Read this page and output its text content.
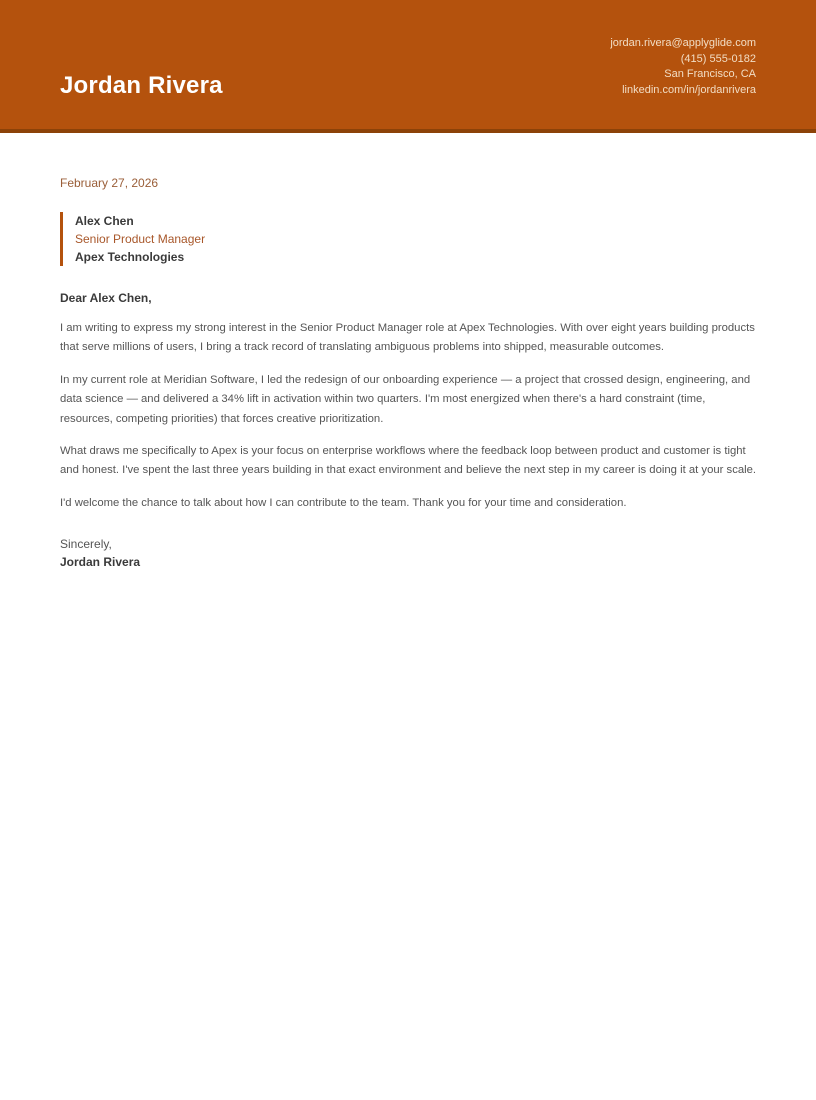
Jordan Rivera
jordan.rivera@applyglide.com
(415) 555-0182
San Francisco, CA
linkedin.com/in/jordanrivera
February 27, 2026
Alex Chen
Senior Product Manager
Apex Technologies

Dear Alex Chen,

I am writing to express my strong interest in the Senior Product Manager role at Apex Technologies. With over eight years building products that serve millions of users, I bring a track record of translating ambiguous problems into shipped, measurable outcomes.

In my current role at Meridian Software, I led the redesign of our onboarding experience — a project that crossed design, engineering, and data science — and delivered a 34% lift in activation within two quarters. I'm most energized when there's a hard constraint (time, resources, competing priorities) that forces creative prioritization.

What draws me specifically to Apex is your focus on enterprise workflows where the feedback loop between product and customer is tight and honest. I've spent the last three years building in that exact environment and believe the next step in my career is doing it at your scale.

I'd welcome the chance to talk about how I can contribute to the team. Thank you for your time and consideration.

Sincerely,

Jordan Rivera
